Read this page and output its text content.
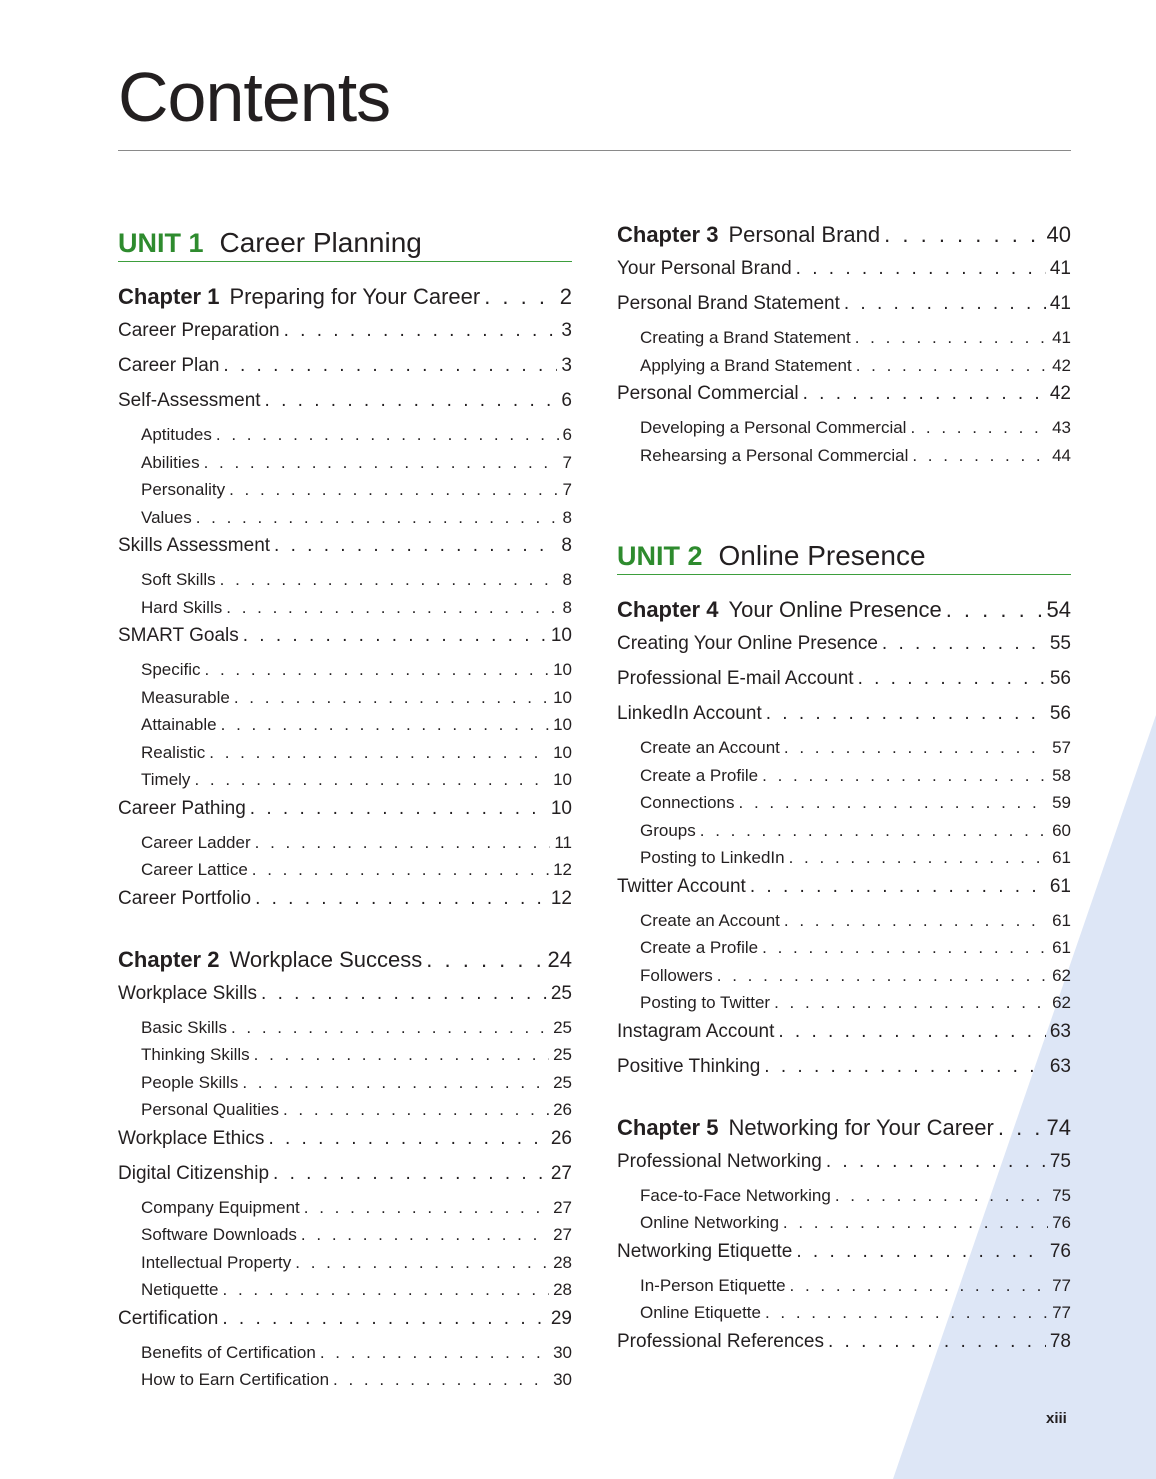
Contents
UNIT 1 Career Planning
Chapter 1 Preparing for Your Career . . .	2
Career Preparation . . .	3
Career Plan . . .	3
Self-Assessment . . .	6
Aptitudes . . .	6
Abilities . . .	7
Personality . . .	7
Values . . .	8
Skills Assessment . . .	8
Soft Skills . . .	8
Hard Skills . . .	8
SMART Goals . . .	10
Specific . . .	10
Measurable . . .	10
Attainable . . .	10
Realistic . . .	10
Timely . . .	10
Career Pathing . . .	10
Career Ladder . . .	11
Career Lattice . . .	12
Career Portfolio . . .	12
Chapter 2 Workplace Success . . .	24
Workplace Skills . . .	25
Basic Skills . . .	25
Thinking Skills . . .	25
People Skills . . .	25
Personal Qualities . . .	26
Workplace Ethics . . .	26
Digital Citizenship . . .	27
Company Equipment . . .	27
Software Downloads . . .	27
Intellectual Property . . .	28
Netiquette . . .	28
Certification . . .	29
Benefits of Certification . . .	30
How to Earn Certification . . .	30
Chapter 3 Personal Brand . . .	40
Your Personal Brand . . .	41
Personal Brand Statement . . .	41
Creating a Brand Statement . . .	41
Applying a Brand Statement . . .	42
Personal Commercial . . .	42
Developing a Personal Commercial . . .	43
Rehearsing a Personal Commercial . . .	44
UNIT 2 Online Presence
Chapter 4 Your Online Presence . . .	54
Creating Your Online Presence . . .	55
Professional E-mail Account . . .	56
LinkedIn Account . . .	56
Create an Account . . .	57
Create a Profile . . .	58
Connections . . .	59
Groups . . .	60
Posting to LinkedIn . . .	61
Twitter Account . . .	61
Create an Account . . .	61
Create a Profile . . .	61
Followers . . .	62
Posting to Twitter . . .	62
Instagram Account . . .	63
Positive Thinking . . .	63
Chapter 5 Networking for Your Career . . . 74
Professional Networking . . .	75
Face-to-Face Networking . . .	75
Online Networking . . .	76
Networking Etiquette . . .	76
In-Person Etiquette . . .	77
Online Etiquette . . .	77
Professional References . . .	78
xiii
